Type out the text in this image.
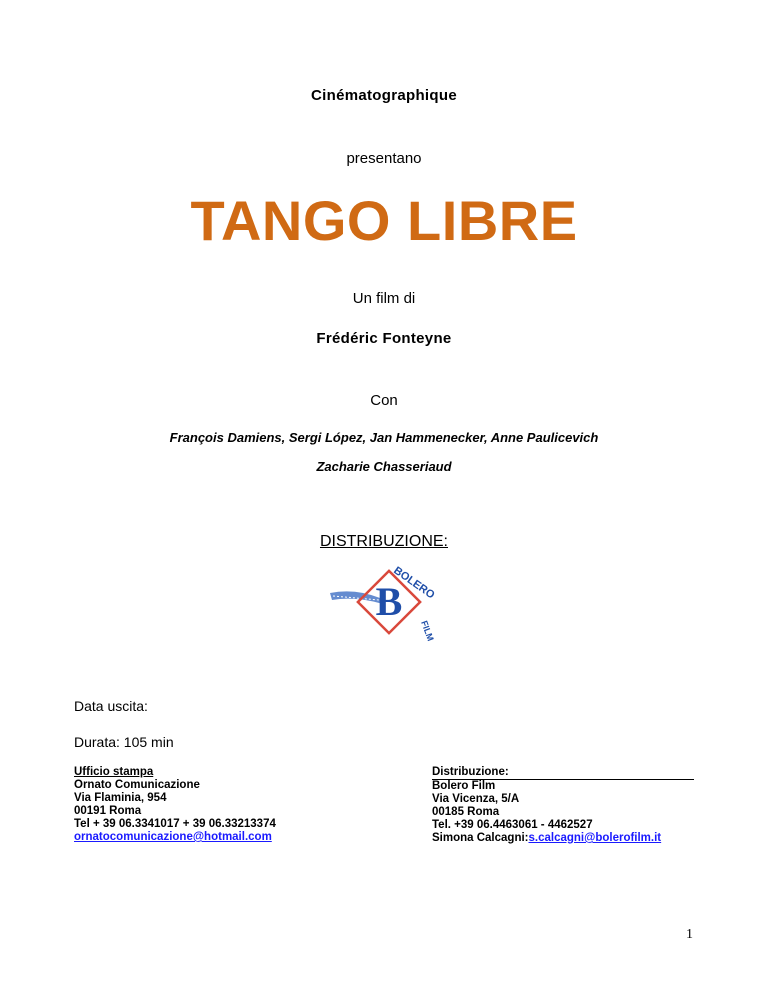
Cinématographique
presentano
TANGO LIBRE
Un film di
Frédéric Fonteyne
Con
François Damiens, Sergi López, Jan Hammenecker, Anne Paulicevich
Zacharie Chasseriaud
DISTRIBUZIONE:
B
BOLERO
FILM
Data uscita:
Durata: 105 min
Ufficio stampa
Ornato Comunicazione
Via Flaminia, 954
00191 Roma
Tel + 39 06.3341017 + 39 06.33213374
ornatocomunicazione@hotmail.com
Distribuzione:
Bolero Film
Via Vicenza, 5/A
00185 Roma
Tel. +39 06.4463061 - 4462527
Simona Calcagni:s.calcagni@bolerofilm.it
1
